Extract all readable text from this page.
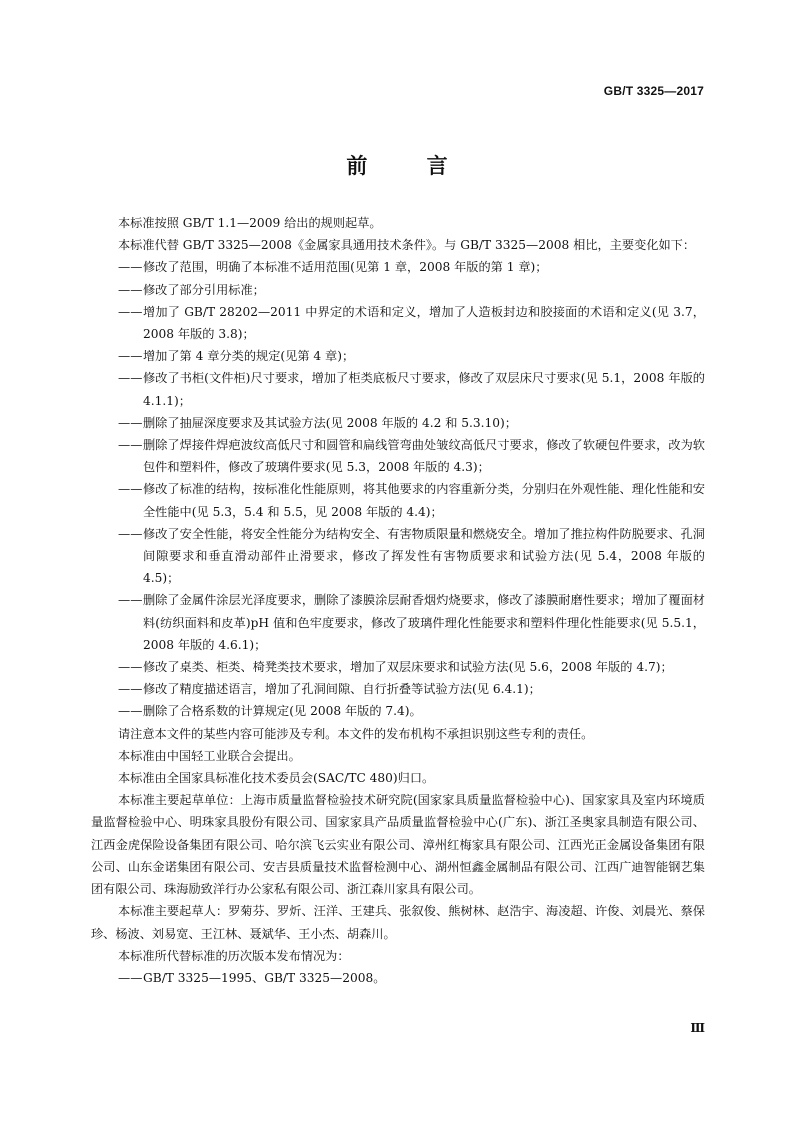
GB/T 3325—2017
前 言

本标准按照 GB/T 1.1—2009 给出的规则起草。

本标准代替 GB/T 3325—2008《金属家具通用技术条件》。与 GB/T 3325—2008 相比，主要变化如下：

—— 修改了范围，明确了本标准不适用范围(见第 1 章，2008 年版的第 1 章)；

—— 修改了部分引用标准；

—— 增加了 GB/T 28202—2011 中界定的术语和定义，增加了人造板封边和胶接面的术语和定义(见 3.7，2008 年版的 3.8)；

—— 增加了第 4 章分类的规定(见第 4 章)；

—— 修改了书柜(文件柜)尺寸要求，增加了柜类底板尺寸要求，修改了双层床尺寸要求(见 5.1，2008 年版的 4.1.1)；

—— 删除了抽屉深度要求及其试验方法(见 2008 年版的 4.2 和 5.3.10)；

—— 删除了焊接件焊疤波纹高低尺寸和圆管和扁线管弯曲处皱纹高低尺寸要求，修改了软硬包件要求，改为软包件和塑料件，修改了玻璃件要求(见 5.3，2008 年版的 4.3)；

—— 修改了标准的结构，按标准化性能原则，将其他要求的内容重新分类，分别归在外观性能、理化性能和安全性能中(见 5.3，5.4 和 5.5，见 2008 年版的 4.4)；

—— 修改了安全性能，将安全性能分为结构安全、有害物质限量和燃烧安全。增加了推拉构件防脱要求、孔洞间隙要求和垂直滑动部件止滑要求，修改了挥发性有害物质要求和试验方法(见 5.4，2008 年版的 4.5)；

—— 删除了金属件涂层光泽度要求，删除了漆膜涂层耐香烟灼烧要求，修改了漆膜耐磨性要求；增加了覆面材料(纺织面料和皮革)pH 值和色牢度要求，修改了玻璃件理化性能要求和塑料件理化性能要求(见 5.5.1，2008 年版的 4.6.1)；

—— 修改了桌类、柜类、椅凳类技术要求，增加了双层床要求和试验方法(见 5.6，2008 年版的 4.7)；

—— 修改了精度描述语言，增加了孔洞间隙、自行折叠等试验方法(见 6.4.1)；

—— 删除了合格系数的计算规定(见 2008 年版的 7.4)。

请注意本文件的某些内容可能涉及专利。本文件的发布机构不承担识别这些专利的责任。

本标准由中国轻工业联合会提出。

本标准由全国家具标准化技术委员会(SAC/TC 480)归口。

本标准主要起草单位：上海市质量监督检验技术研究院(国家家具质量监督检验中心)、国家家具及室内环境质量监督检验中心、明珠家具股份有限公司、国家家具产品质量监督检验中心(广东)、浙江圣奥家具制造有限公司、江西金虎保险设备集团有限公司、哈尔滨飞云实业有限公司、漳州红梅家具有限公司、江西光正金属设备集团有限公司、山东金诺集团有限公司、安吉县质量技术监督检测中心、湖州恒鑫金属制品有限公司、江西广迪智能钢艺集团有限公司、珠海励致洋行办公家私有限公司、浙江森川家具有限公司。

本标准主要起草人：罗菊芬、罗炘、汪洋、王建兵、张叙俊、熊树林、赵浩宇、海凌超、许俊、刘晨光、蔡保珍、杨波、刘易宽、王江林、聂斌华、王小杰、胡森川。

本标准所代替标准的历次版本发布情况为：

—— GB/T 3325—1995、GB/T 3325—2008。

Ⅲ
